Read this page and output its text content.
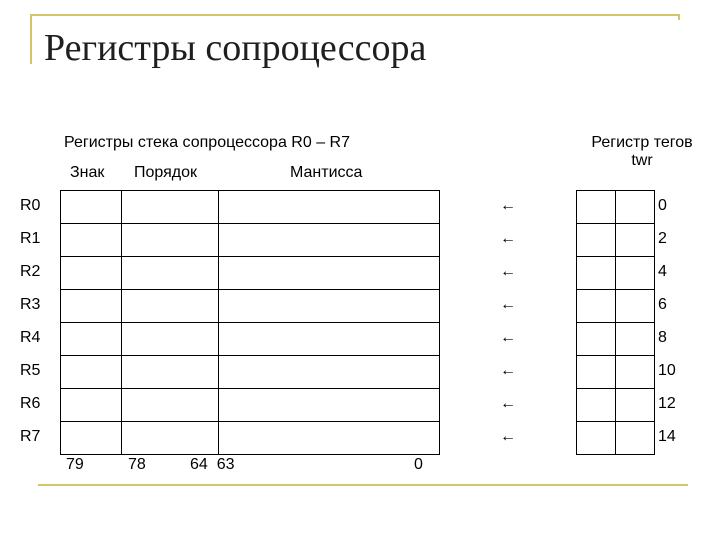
Регистры сопроцессора
Регистры стека сопроцессора R0 – R7	Регистр тегов
twr
Знак Порядок	Мантисса
R0	←	0
R1	←	2
R2	←	4
R3	←	6
R4	←	8
R5	←	10
R6	←	12
R7	←	14
79	78	64  63	0
